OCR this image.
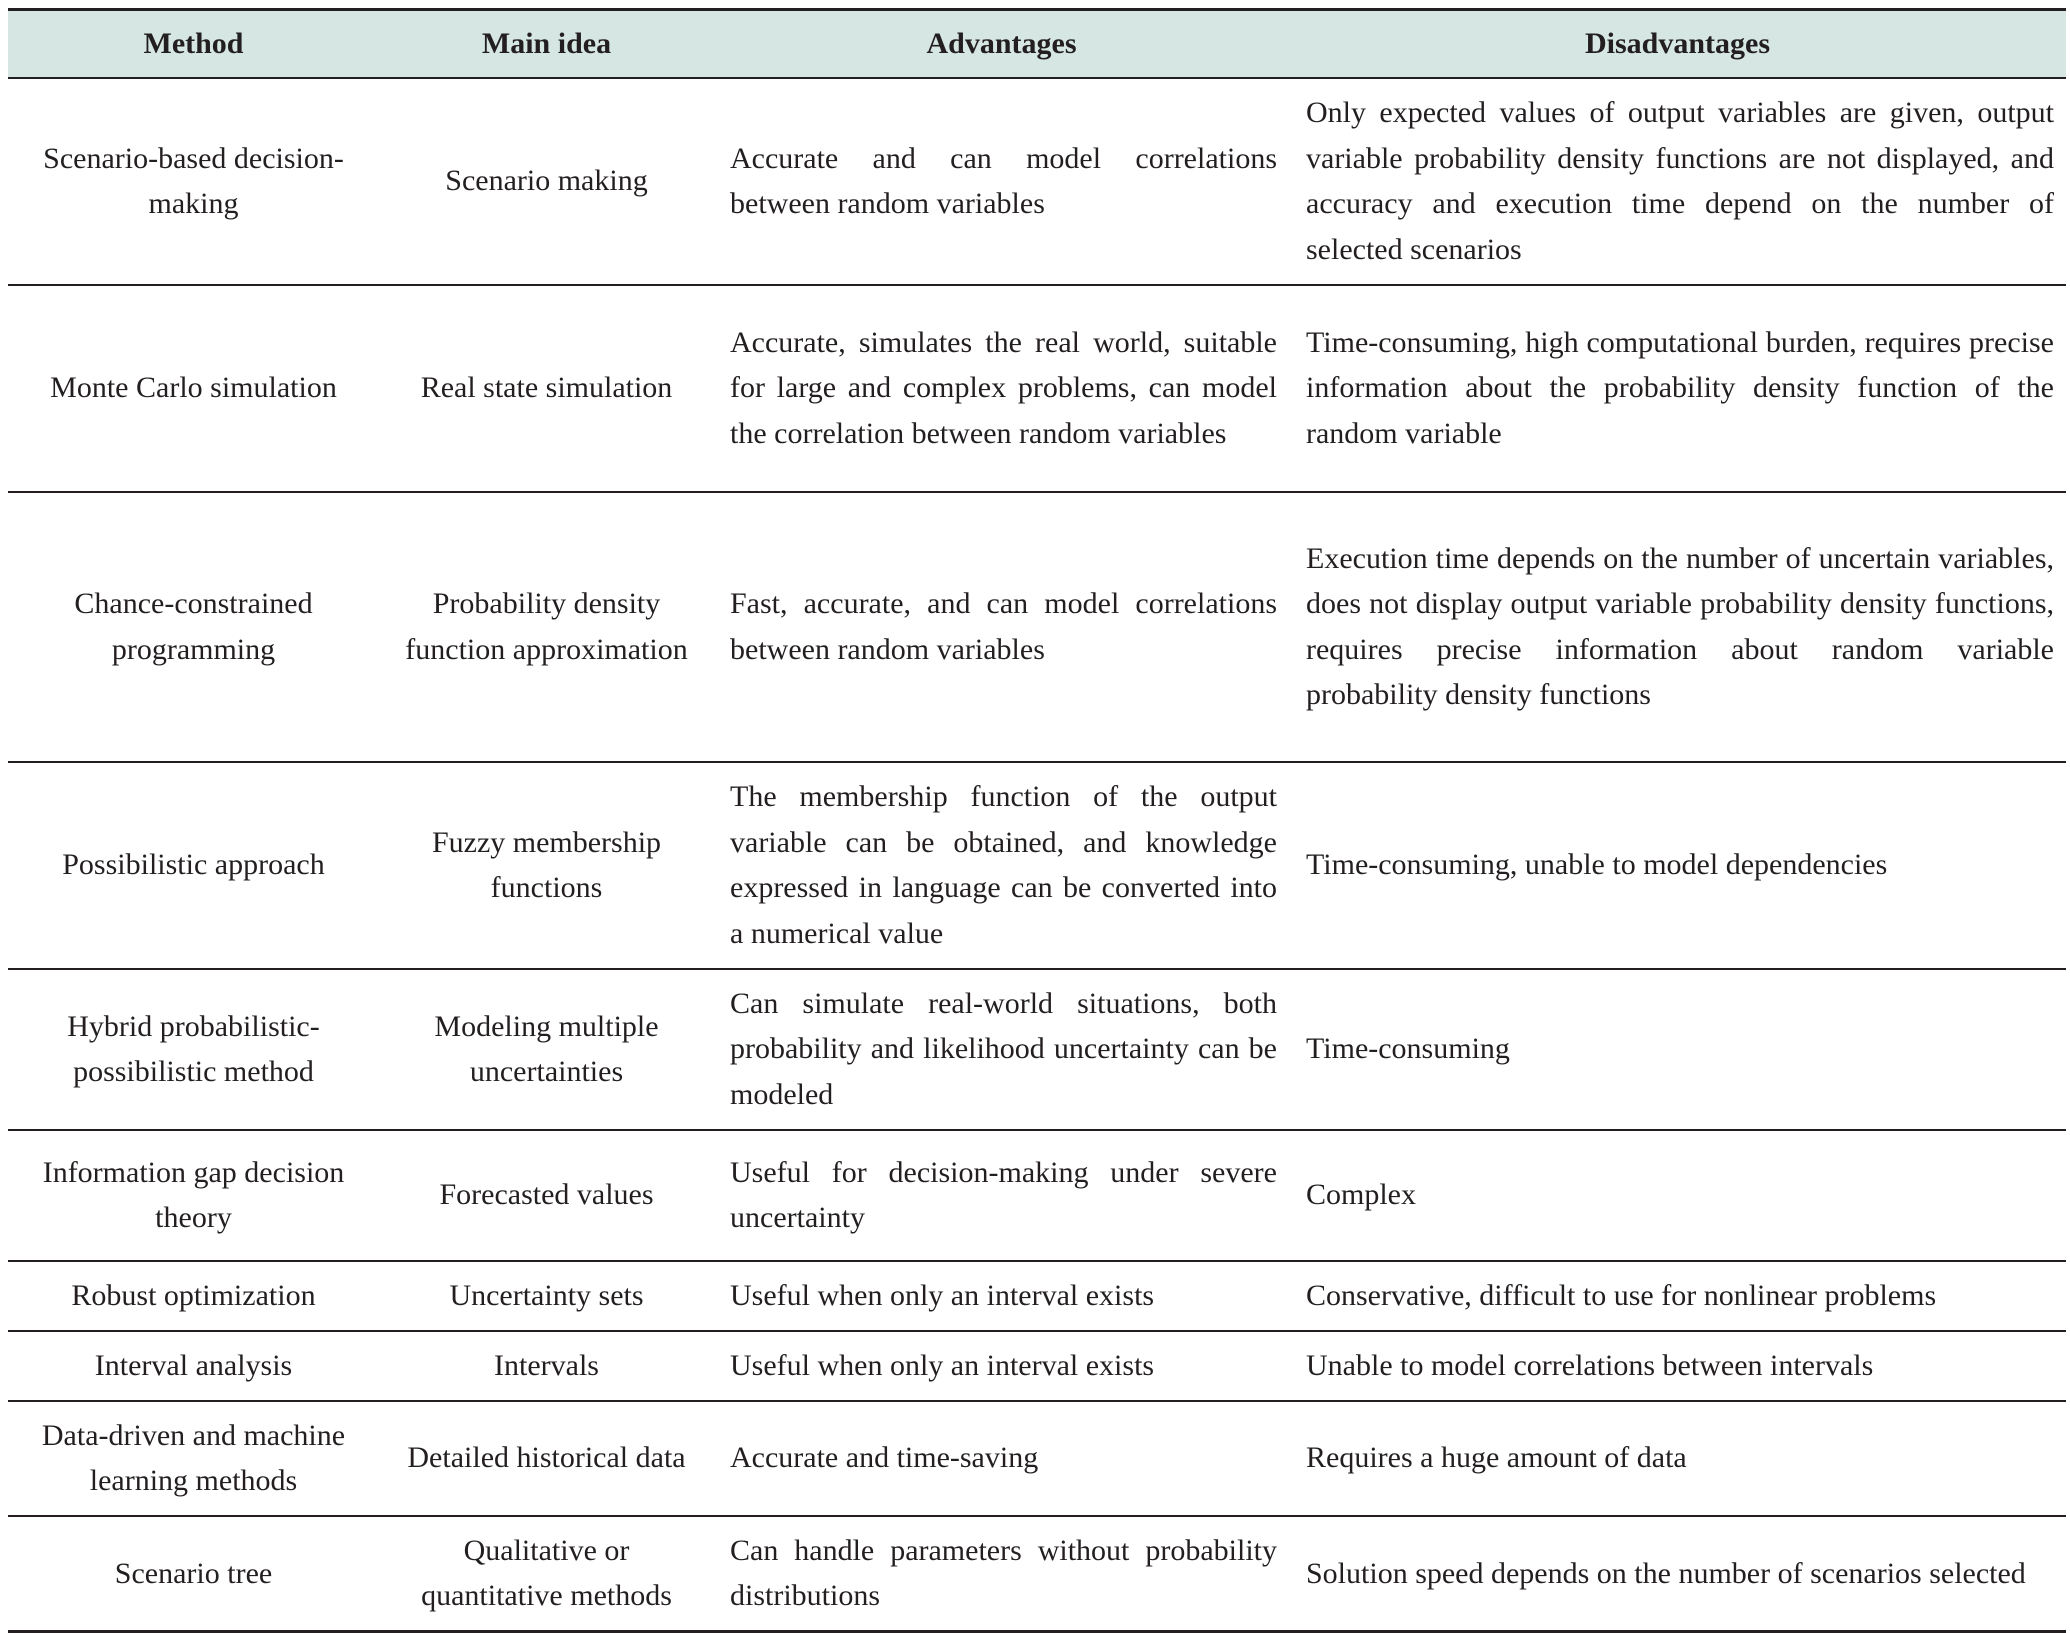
Method	Main idea	Advantages	Disadvantages
Scenario-based decision-making	Scenario making	Accurate and can model correlations between random variables	Only expected values of output variables are given, output variable probability density functions are not displayed, and accuracy and execution time depend on the number of selected scenarios
Monte Carlo simulation	Real state simulation	Accurate, simulates the real world, suitable for large and complex problems, can model the correlation between random variables	Time-consuming, high computational burden, requires precise information about the probability density function of the random variable
Chance-constrained programming	Probability density function approximation	Fast, accurate, and can model correlations between random variables	Execution time depends on the number of uncertain variables, does not display output variable probability density functions, requires precise information about random variable probability density functions
Possibilistic approach	Fuzzy membership functions	The membership function of the output variable can be obtained, and knowledge expressed in language can be converted into a numerical value	Time-consuming, unable to model dependencies
Hybrid probabilistic-possibilistic method	Modeling multiple uncertainties	Can simulate real-world situations, both probability and likelihood uncertainty can be modeled	Time-consuming
Information gap decision theory	Forecasted values	Useful for decision-making under severe uncertainty	Complex
Robust optimization	Uncertainty sets	Useful when only an interval exists	Conservative, difficult to use for nonlinear problems
Interval analysis	Intervals	Useful when only an interval exists	Unable to model correlations between intervals
Data-driven and machine learning methods	Detailed historical data	Accurate and time-saving	Requires a huge amount of data
Scenario tree	Qualitative or quantitative methods	Can handle parameters without probability distributions	Solution speed depends on the number of scenarios selected
